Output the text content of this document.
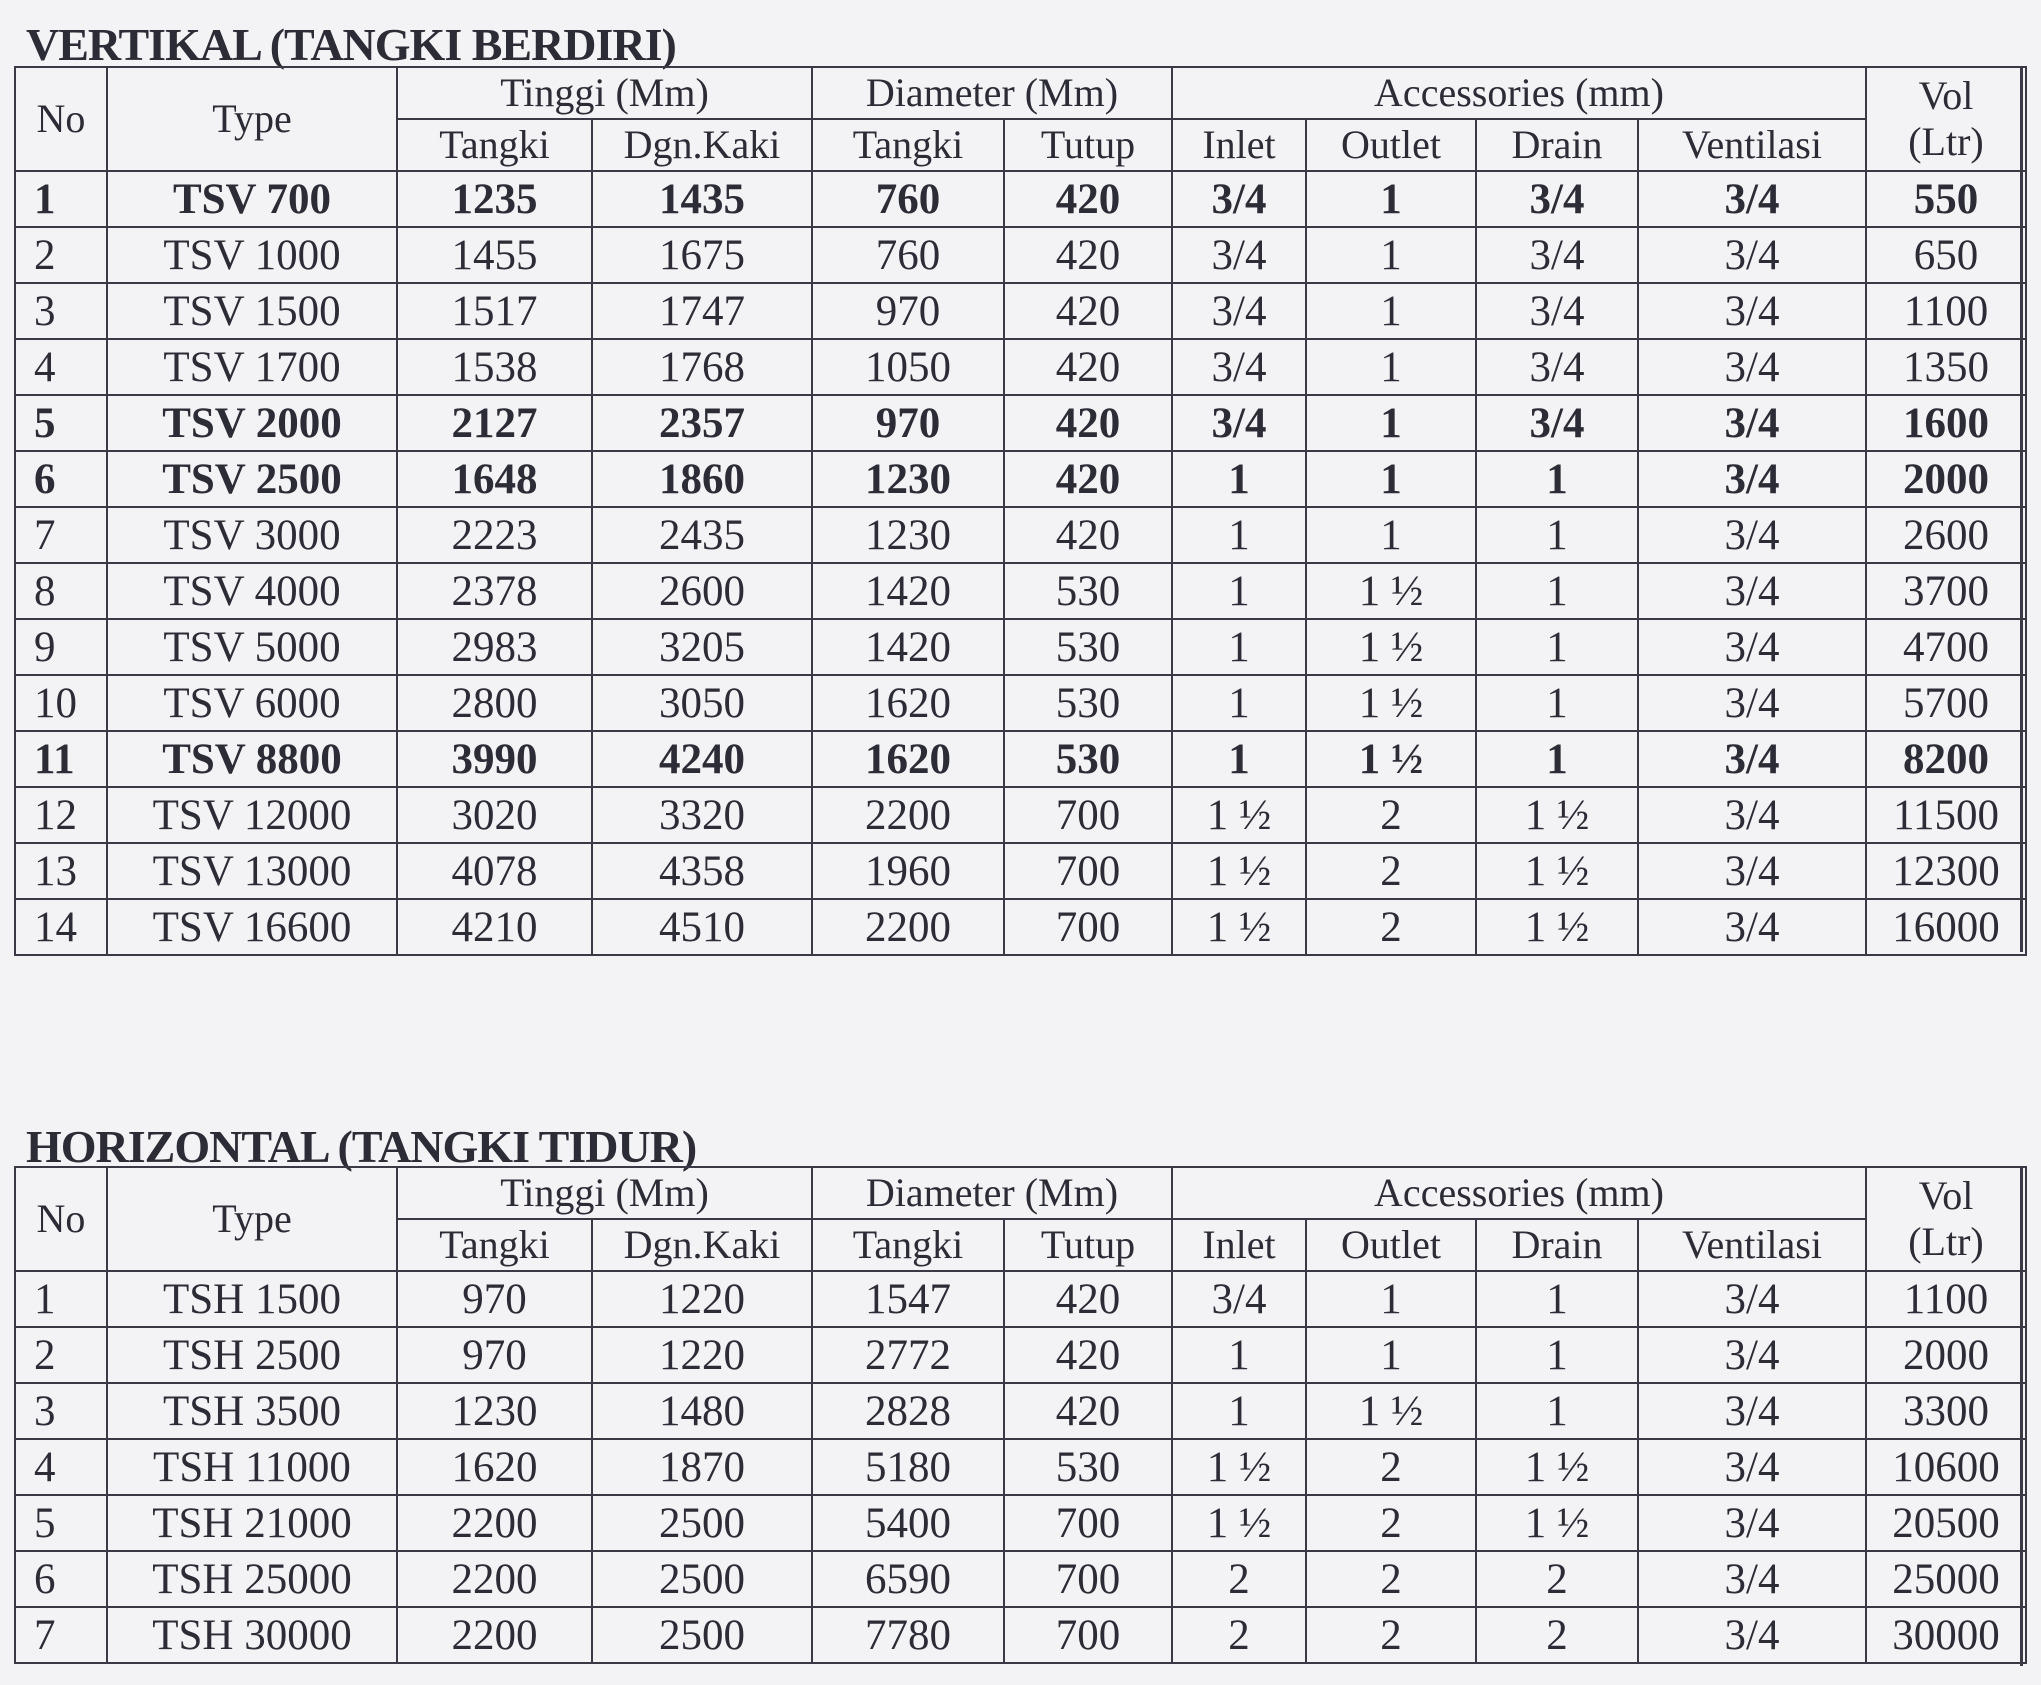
VERTIKAL (TANGKI BERDIRI)
No	Type	Tinggi (Mm)		Diameter (Mm)		Accessories (mm)				Vol
(Ltr)
		Tangki	Dgn.Kaki	Tangki	Tutup	Inlet	Outlet	Drain	Ventilasi	
1	TSV 700	1235	1435	760	420	3/4	1	3/4	3/4	550
2	TSV 1000	1455	1675	760	420	3/4	1	3/4	3/4	650
3	TSV 1500	1517	1747	970	420	3/4	1	3/4	3/4	1100
4	TSV 1700	1538	1768	1050	420	3/4	1	3/4	3/4	1350
5	TSV 2000	2127	2357	970	420	3/4	1	3/4	3/4	1600
6	TSV 2500	1648	1860	1230	420	1	1	1	3/4	2000
7	TSV 3000	2223	2435	1230	420	1	1	1	3/4	2600
8	TSV 4000	2378	2600	1420	530	1	1 ½	1	3/4	3700
9	TSV 5000	2983	3205	1420	530	1	1 ½	1	3/4	4700
10	TSV 6000	2800	3050	1620	530	1	1 ½	1	3/4	5700
11	TSV 8800	3990	4240	1620	530	1	1 ½	1	3/4	8200
12	TSV 12000	3020	3320	2200	700	1 ½	2	1 ½	3/4	11500
13	TSV 13000	4078	4358	1960	700	1 ½	2	1 ½	3/4	12300
14	TSV 16600	4210	4510	2200	700	1 ½	2	1 ½	3/4	16000
HORIZONTAL (TANGKI TIDUR)
No	Type	Tinggi (Mm)		Diameter (Mm)		Accessories (mm)				Vol
(Ltr)
		Tangki	Dgn.Kaki	Tangki	Tutup	Inlet	Outlet	Drain	Ventilasi	
1	TSH 1500	970	1220	1547	420	3/4	1	1	3/4	1100
2	TSH 2500	970	1220	2772	420	1	1	1	3/4	2000
3	TSH 3500	1230	1480	2828	420	1	1 ½	1	3/4	3300
4	TSH 11000	1620	1870	5180	530	1 ½	2	1 ½	3/4	10600
5	TSH 21000	2200	2500	5400	700	1 ½	2	1 ½	3/4	20500
6	TSH 25000	2200	2500	6590	700	2	2	2	3/4	25000
7	TSH 30000	2200	2500	7780	700	2	2	2	3/4	30000
